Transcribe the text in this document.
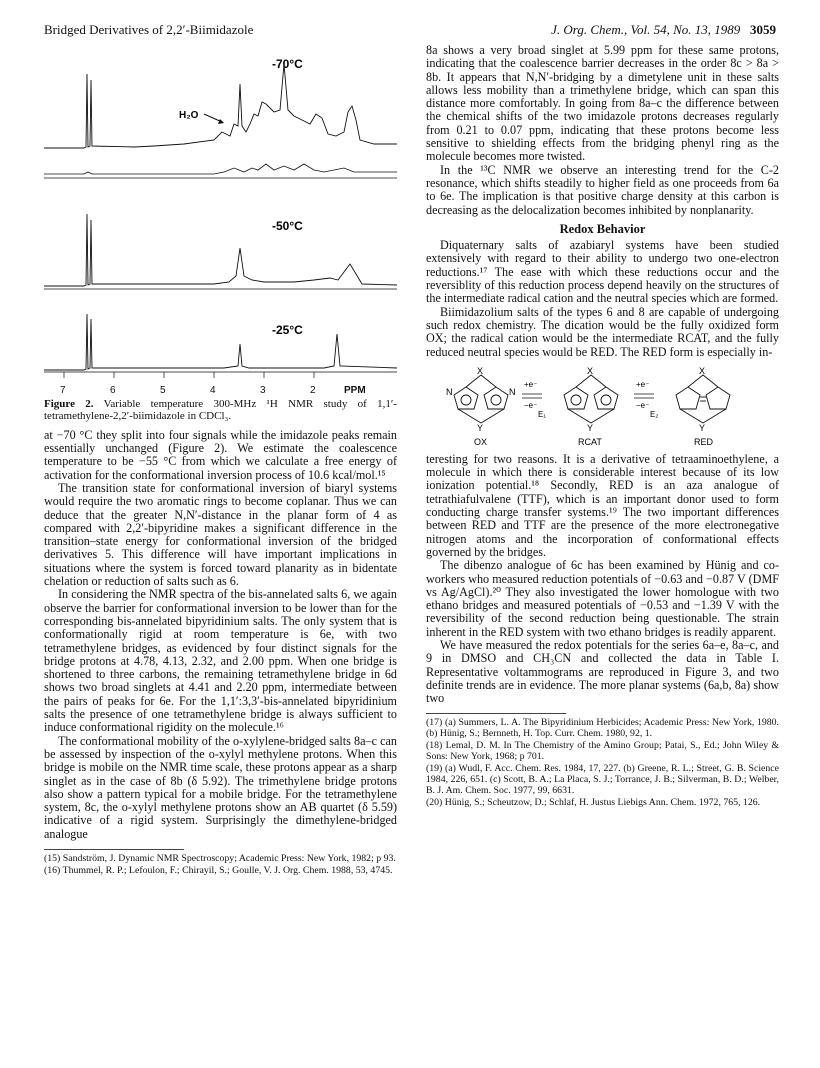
Bridged Derivatives of 2,2′-Biimidazole	J. Org. Chem., Vol. 54, No. 13, 1989 3059
-70°C
H₂O
-50°C
-25°C
7	6	5	4	3	2	PPM

Figure 2. Variable temperature 300-MHz ¹H NMR study of 1,1′-tetramethylene-2,2′-biimidazole in CDCl₃.

at −70 °C they split into four signals while the imidazole peaks remain essentially unchanged (Figure 2). We estimate the coalescence temperature to be −55 °C from which we calculate a free energy of activation for the conformational inversion process of 10.6 kcal/mol.¹⁵

The transition state for conformational inversion of biaryl systems would require the two aromatic rings to become coplanar. Thus we can deduce that the greater N,N′-distance in the planar form of 4 as compared with 2,2′-bipyridine makes a significant difference in the transition–state energy for conformational inversion of the bridged derivatives 5. This difference will have important implications in situations where the system is forced toward planarity as in bidentate chelation or reduction of salts such as 6.

In considering the NMR spectra of the bis-annelated salts 6, we again observe the barrier for conformational inversion to be lower than for the corresponding bis-annelated bipyridinium salts. The only system that is conformationally rigid at room temperature is 6e, with two tetramethylene bridges, as evidenced by four distinct signals for the bridge protons at 4.78, 4.13, 2.32, and 2.00 ppm. When one bridge is shortened to three carbons, the remaining tetramethylene bridge in 6d shows two broad singlets at 4.41 and 2.20 ppm, intermediate between the pairs of peaks for 6e. For the 1,1′:3,3′-bis-annelated bipyridinium salts the presence of one tetramethylene bridge is always sufficient to induce conformational rigidity on the molecule.¹⁶

The conformational mobility of the o-xylylene-bridged salts 8a–c can be assessed by inspection of the o-xylyl methylene protons. When this bridge is mobile on the NMR time scale, these protons appear as a sharp singlet as in the case of 8b (δ 5.92). The trimethylene bridge protons also show a pattern typical for a mobile bridge. For the tetramethylene system, 8c, the o-xylyl methylene protons show an AB quartet (δ 5.59) indicative of a rigid system. Surprisingly the dimethylene-bridged analogue

(15) Sandström, J. Dynamic NMR Spectroscopy; Academic Press: New York, 1982; p 93.

(16) Thummel, R. P.; Lefoulon, F.; Chirayil, S.; Goulle, V. J. Org. Chem. 1988, 53, 4745.

8a shows a very broad singlet at 5.99 ppm for these same protons, indicating that the coalescence barrier decreases in the order 8c > 8a > 8b. It appears that N,N′-bridging by a dimetylene unit in these salts allows less mobility than a trimethylene bridge, which can span this distance more comfortably. In going from 8a–c the difference between the chemical shifts of the two imidazole protons decreases regularly from 0.21 to 0.07 ppm, indicating that these protons become less sensitive to shielding effects from the bridging phenyl ring as the molecule becomes more twisted.

In the ¹³C NMR we observe an interesting trend for the C-2 resonance, which shifts steadily to higher field as one proceeds from 6a to 6e. The implication is that positive charge density at this carbon is decreasing as the delocalization becomes inhibited by nonplanarity.

Redox Behavior

Diquaternary salts of azabiaryl systems have been studied extensively with regard to their ability to undergo two one-electron reductions.¹⁷ The ease with which these reductions occur and the reversiblity of this reduction process depend heavily on the structures of the intermediate radical cation and the neutral species which are formed.

Biimidazolium salts of the types 6 and 8 are capable of undergoing such redox chemistry. The dication would be the fully oxidized form OX; the radical cation would be the intermediate RCAT, and the fully reduced neutral species would be RED. The RED form is especially in-

X
Y
N	N
+e⁻
−e⁻
E₁
X
Y
+e⁻
−e⁻
E₂
X
Y
OX	RCAT	RED

teresting for two reasons. It is a derivative of tetraaminoethylene, a molecule in which there is considerable interest because of its low ionization potential.¹⁸ Secondly, RED is an aza analogue of tetrathiafulvalene (TTF), which is an important donor used to form conducting charge transfer systems.¹⁹ The two important differences between RED and TTF are the presence of the more electronegative nitrogen atoms and the incorporation of conformational effects governed by the bridges.

The dibenzo analogue of 6c has been examined by Hünig and co-workers who measured reduction potentials of −0.63 and −0.87 V (DMF vs Ag/AgCl).²⁰ They also investigated the lower homologue with two ethano bridges and measured potentials of −0.53 and −1.39 V with the reversibility of the second reduction being questionable. The strain inherent in the RED system with two ethano bridges is readily apparent.

We have measured the redox potentials for the series 6a–e, 8a–c, and 9 in DMSO and CH₃CN and collected the data in Table I. Representative voltammograms are reproduced in Figure 3, and two definite trends are in evidence. The more planar systems (6a,b, 8a) show two

(17) (a) Summers, L. A. The Bipyridinium Herbicides; Academic Press: New York, 1980. (b) Hünig, S.; Bernneth, H. Top. Curr. Chem. 1980, 92, 1.

(18) Lemal, D. M. In The Chemistry of the Amino Group; Patai, S., Ed.; John Wiley & Sons: New York, 1968; p 701.

(19) (a) Wudl, F. Acc. Chem. Res. 1984, 17, 227. (b) Greene, R. L.; Street, G. B. Science 1984, 226, 651. (c) Scott, B. A.; La Placa, S. J.; Torrance, J. B.; Silverman, B. D.; Welber, B. J. Am. Chem. Soc. 1977, 99, 6631.

(20) Hünig, S.; Scheutzow, D.; Schlaf, H. Justus Liebigs Ann. Chem. 1972, 765, 126.
